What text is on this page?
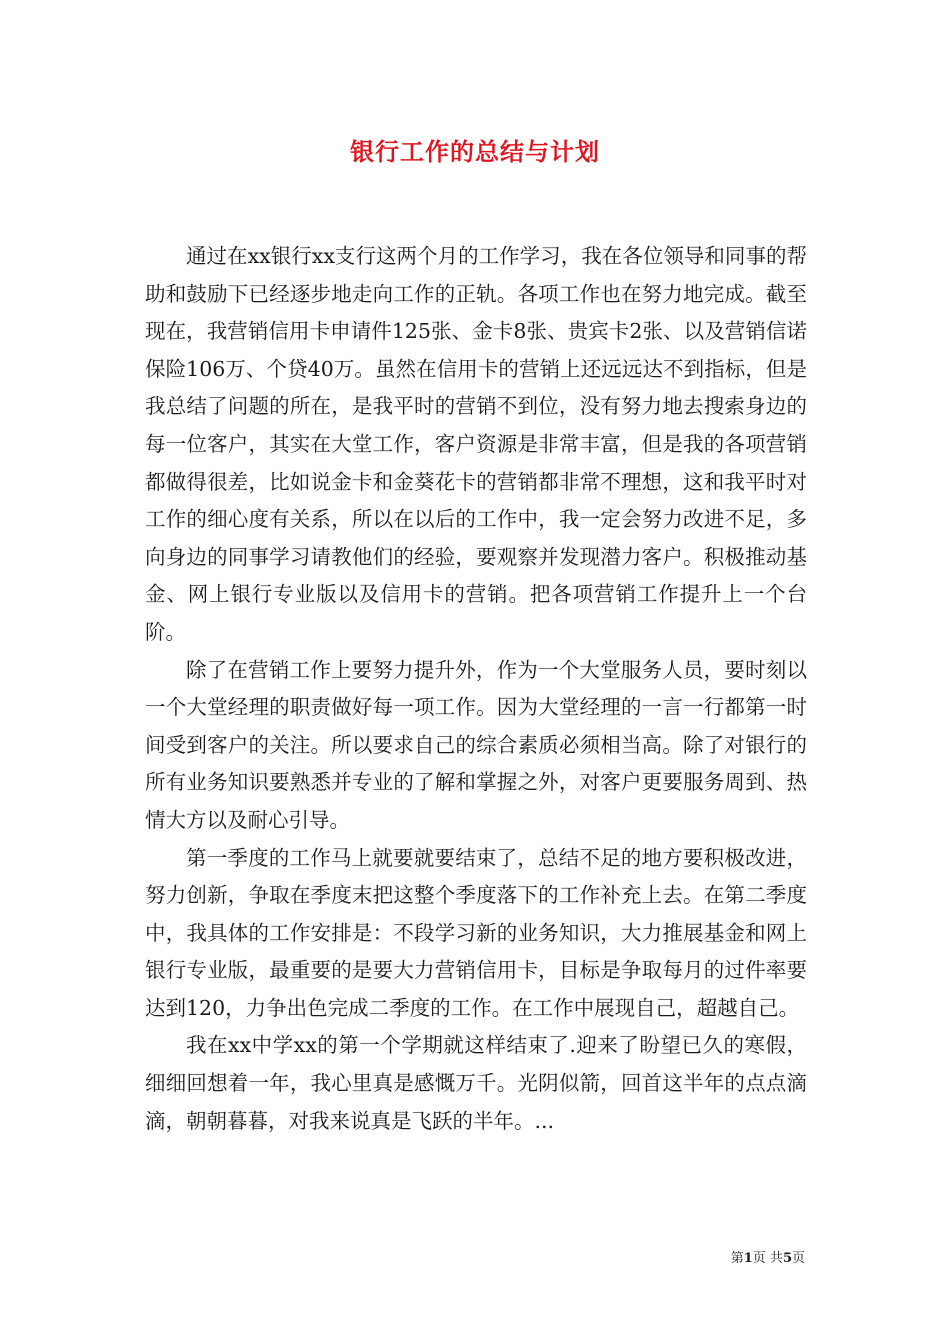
银行工作的总结与计划

通过在xx银行xx支行这两个月的工作学习，我在各位领导和同事的帮助和鼓励下已经逐步地走向工作的正轨。各项工作也在努力地完成。截至现在，我营销信用卡申请件125张、金卡8张、贵宾卡2张、以及营销信诺保险106万、个贷40万。虽然在信用卡的营销上还远远达不到指标，但是我总结了问题的所在，是我平时的营销不到位，没有努力地去搜索身边的每一位客户，其实在大堂工作，客户资源是非常丰富，但是我的各项营销都做得很差，比如说金卡和金葵花卡的营销都非常不理想，这和我平时对工作的细心度有关系，所以在以后的工作中，我一定会努力改进不足，多向身边的同事学习请教他们的经验，要观察并发现潜力客户。积极推动基金、网上银行专业版以及信用卡的营销。把各项营销工作提升上一个台阶。

除了在营销工作上要努力提升外，作为一个大堂服务人员，要时刻以一个大堂经理的职责做好每一项工作。因为大堂经理的一言一行都第一时间受到客户的关注。所以要求自己的综合素质必须相当高。除了对银行的所有业务知识要熟悉并专业的了解和掌握之外，对客户更要服务周到、热情大方以及耐心引导。

第一季度的工作马上就要就要结束了，总结不足的地方要积极改进，努力创新，争取在季度末把这整个季度落下的工作补充上去。在第二季度中，我具体的工作安排是：不段学习新的业务知识，大力推展基金和网上银行专业版，最重要的是要大力营销信用卡，目标是争取每月的过件率要达到120，力争出色完成二季度的工作。在工作中展现自己，超越自己。

我在xx中学xx的第一个学期就这样结束了.迎来了盼望已久的寒假，细细回想着一年，我心里真是感慨万千。光阴似箭，回首这半年的点点滴滴，朝朝暮暮，对我来说真是飞跃的半年。...

第1页 共5页
